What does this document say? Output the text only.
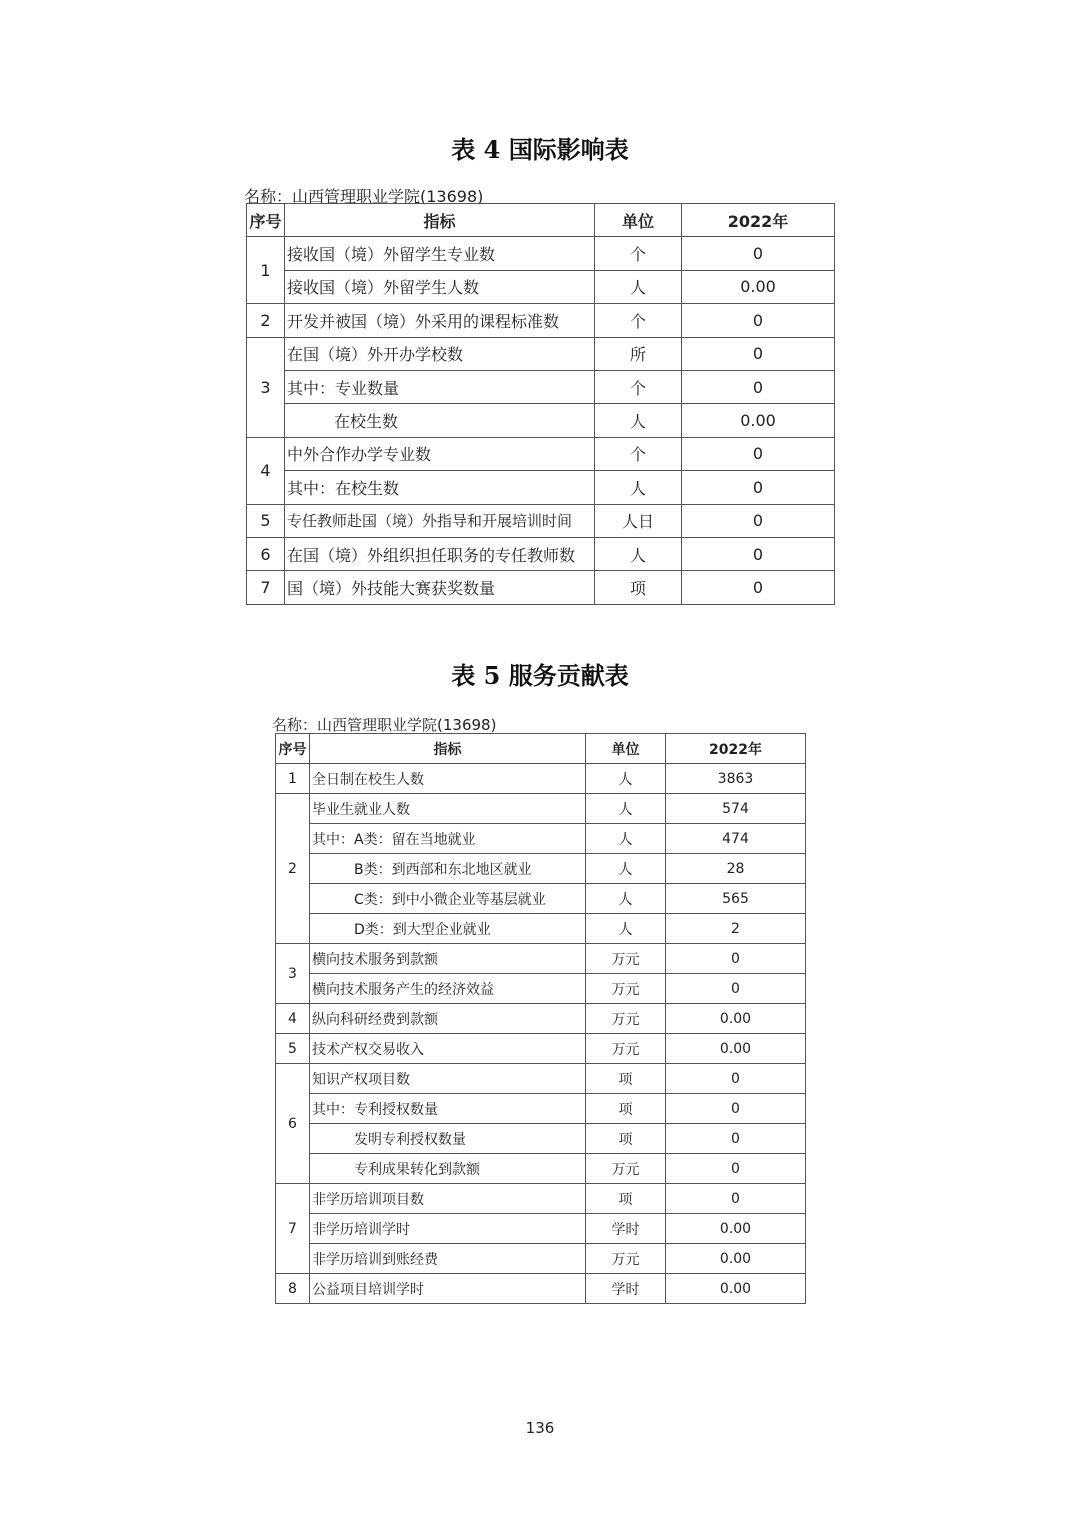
表 4 国际影响表
名称：山西管理职业学院(13698)
序号	指标	单位	2022年
1	接收国（境）外留学生专业数	个	0
	接收国（境）外留学生人数	人	0.00
2	开发并被国（境）外采用的课程标准数	个	0
3	在国（境）外开办学校数	所	0
	其中：专业数量	个	0
	在校生数	人	0.00
4	中外合作办学专业数	个	0
	其中：在校生数	人	0
5	专任教师赴国（境）外指导和开展培训时间	人日	0
6	在国（境）外组织担任职务的专任教师数	人	0
7	国（境）外技能大赛获奖数量	项	0
表 5 服务贡献表
名称：山西管理职业学院(13698)
序号	指标	单位	2022年
1	全日制在校生人数	人	3863
2	毕业生就业人数	人	574
	其中：A类：留在当地就业	人	474
	B类：到西部和东北地区就业	人	28
	C类：到中小微企业等基层就业	人	565
	D类：到大型企业就业	人	2
3	横向技术服务到款额	万元	0
	横向技术服务产生的经济效益	万元	0
4	纵向科研经费到款额	万元	0.00
5	技术产权交易收入	万元	0.00
6	知识产权项目数	项	0
	其中：专利授权数量	项	0
	发明专利授权数量	项	0
	专利成果转化到款额	万元	0
7	非学历培训项目数	项	0
	非学历培训学时	学时	0.00
	非学历培训到账经费	万元	0.00
8	公益项目培训学时	学时	0.00
136
